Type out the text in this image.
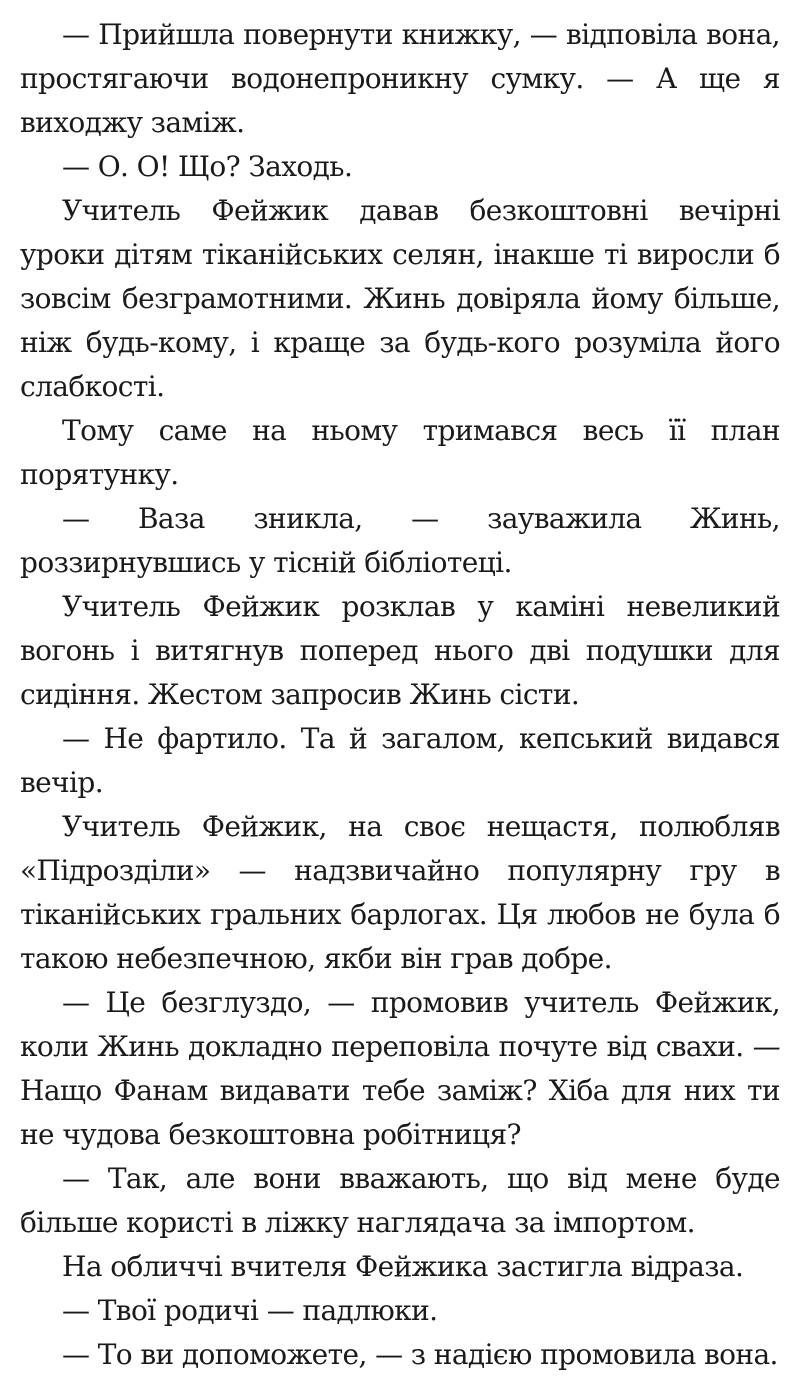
— Прийшла повернути книжку, — відповіла вона, простягаючи водонепроникну сумку. — А ще я виходжу заміж.

— О. О! Що? Заходь.

Учитель Фейжик давав безкоштовні вечірні уроки дітям тіканійських селян, інакше ті виросли б зовсім безграмотними. Жинь довіряла йому більше, ніж будь-кому, і краще за будь-кого розуміла його слабкості.

Тому саме на ньому тримався весь її план порятунку.

— Ваза зникла, — зауважила Жинь, роззирнувшись у тісній бібліотеці.

Учитель Фейжик розклав у каміні невеликий вогонь і витягнув поперед нього дві подушки для сидіння. Жестом запросив Жинь сісти.

— Не фартило. Та й загалом, кепський видався вечір.

Учитель Фейжик, на своє нещастя, полюбляв «Підрозділи» — надзвичайно популярну гру в тіканійських гральних барлогах. Ця любов не була б такою небезпечною, якби він грав добре.

— Це безглуздо, — промовив учитель Фейжик, коли Жинь докладно переповіла почуте від свахи. — Нащо Фанам видавати тебе заміж? Хіба для них ти не чудова безкоштовна робітниця?

— Так, але вони вважають, що від мене буде більше користі в ліжку наглядача за імпортом.

На обличчі вчителя Фейжика застигла відраза.

— Твої родичі — падлюки.

— То ви допоможете, — з надією промовила вона.
